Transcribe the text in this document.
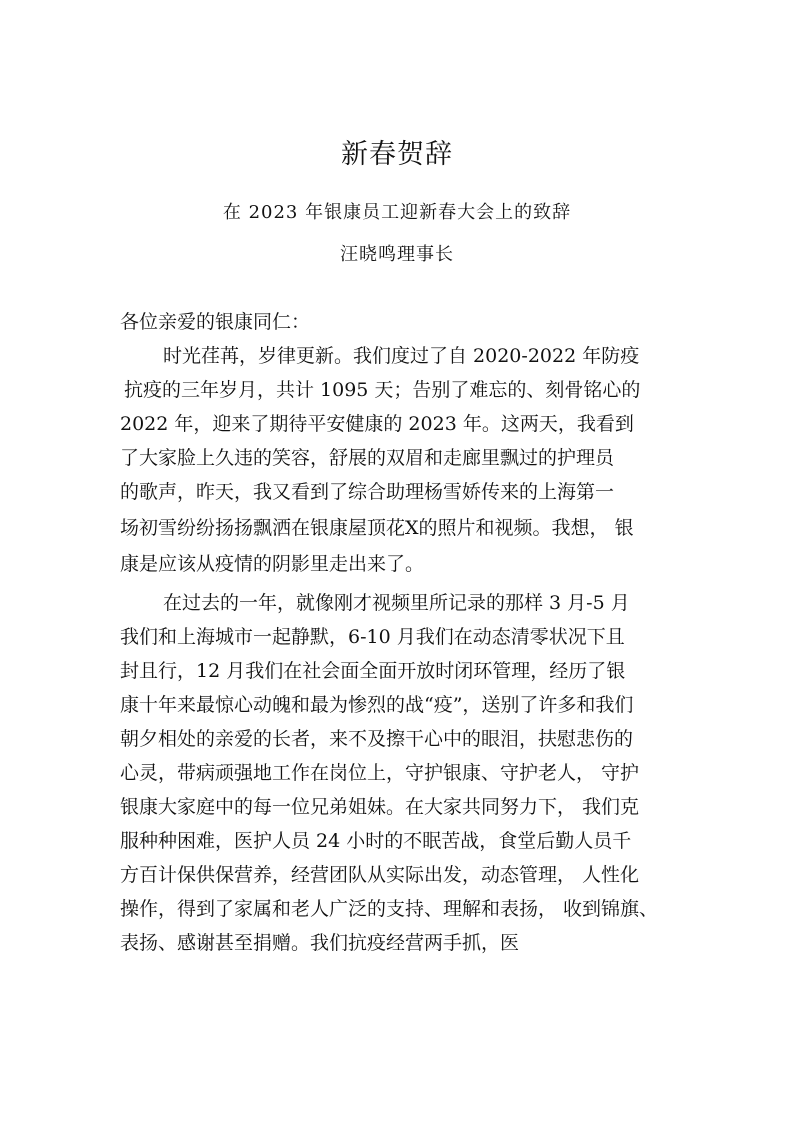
新春贺辞
在 2023 年银康员工迎新春大会上的致辞
汪晓鸣理事长
各位亲爱的银康同仁：
时光荏苒，岁律更新。我们度过了自 2020-2022 年防疫
抗疫的三年岁月，共计 1095 天；告别了难忘的、刻骨铭心的
2022 年，迎来了期待平安健康的 2023 年。这两天，我看到
了大家脸上久违的笑容，舒展的双眉和走廊里飘过的护理员
的歌声，昨天，我又看到了综合助理杨雪娇传来的上海第一
场初雪纷纷扬扬飘洒在银康屋顶花X的照片和视频。我想， 银
康是应该从疫情的阴影里走出来了。
在过去的一年，就像刚才视频里所记录的那样 3 月-5 月
我们和上海城市一起静默，6-10 月我们在动态清零状况下且
封且行，12 月我们在社会面全面开放时闭环管理，经历了银
康十年来最惊心动魄和最为惨烈的战“疫”，送别了许多和我们
朝夕相处的亲爱的长者，来不及擦干心中的眼泪，扶慰悲伤的
心灵，带病顽强地工作在岗位上，守护银康、守护老人， 守护
银康大家庭中的每一位兄弟姐妹。在大家共同努力下， 我们克
服种种困难，医护人员 24 小时的不眠苦战，食堂后勤人员千
方百计保供保营养，经营团队从实际出发，动态管理， 人性化
操作，得到了家属和老人广泛的支持、理解和表扬， 收到锦旗、
表扬、感谢甚至捐赠。我们抗疫经营两手抓，医
